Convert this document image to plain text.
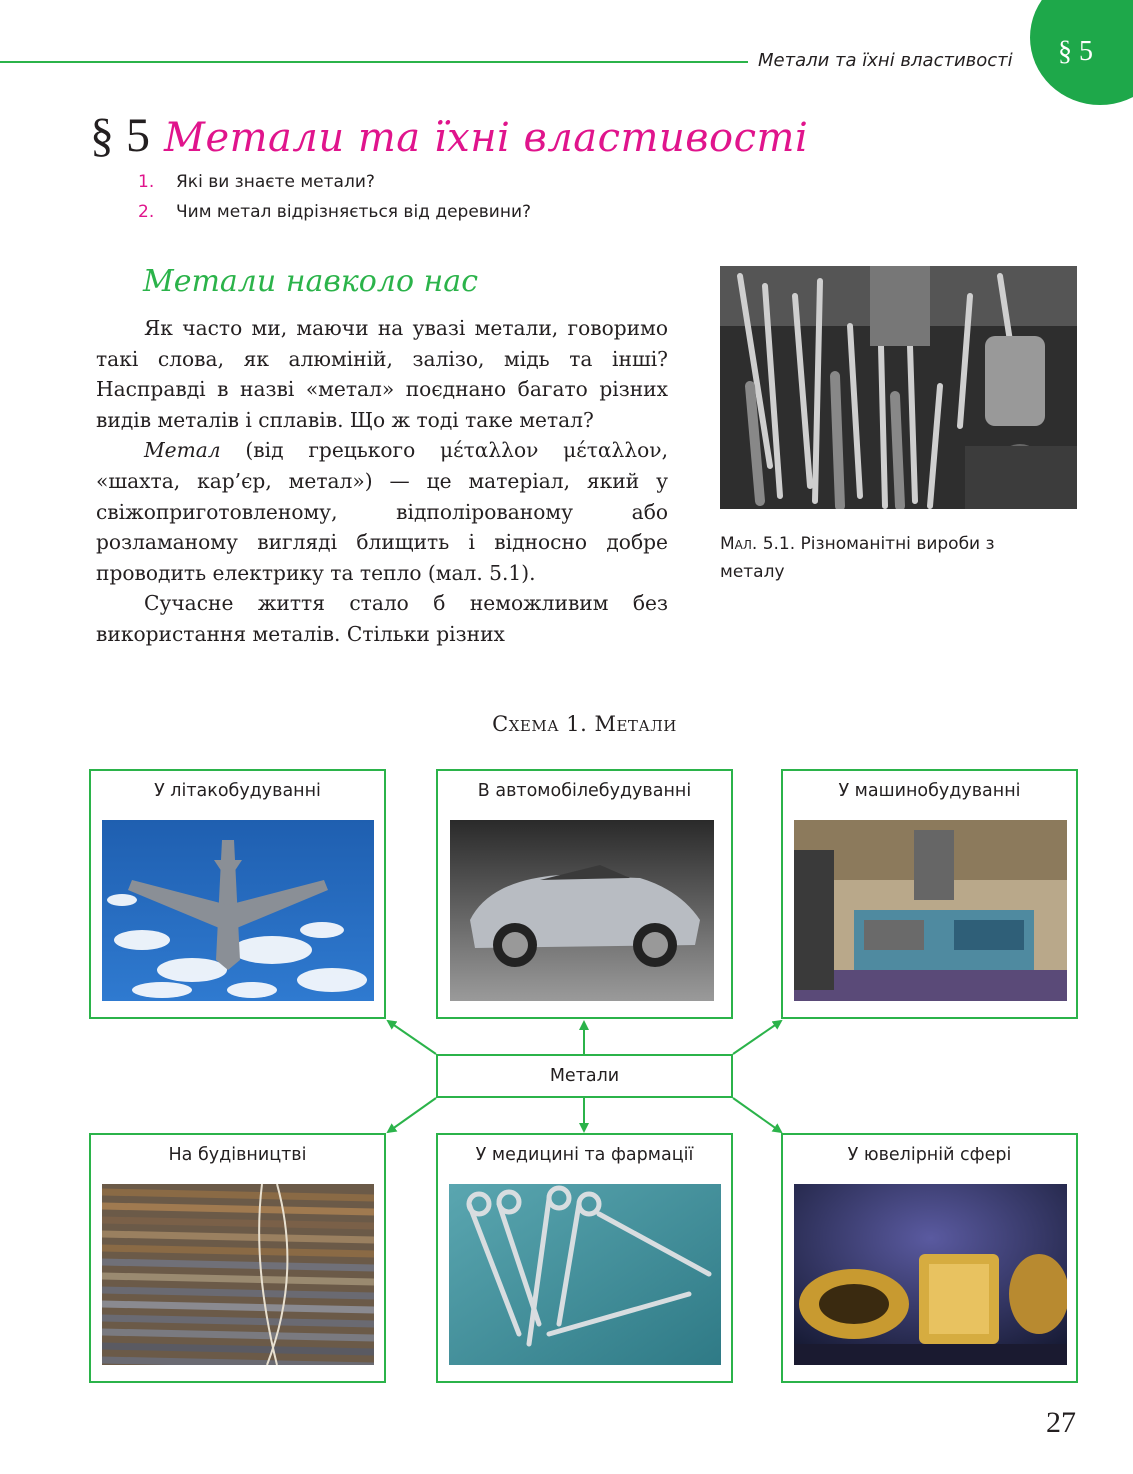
Метали та їхні властивості § 5
§ 5 Метали та їхні властивості
1.	Які ви знаєте метали?
2.	Чим метал відрізняється від деревини?
Метали навколо нас

Як часто ми, маючи на увазі метали, говоримо такі слова, як алюміній, залізо, мідь та інші? Насправді в назві «метал» поєднано багато різних видів металів і сплавів. Що ж тоді таке метал?

Метал (від грецького μέταλλον μέταλλον, «шахта, кар’єр, метал») — це матеріал, який у свіжоприготовленому, відполірованому або розламаному вигляді блищить і відносно добре проводить електрику та тепло (мал. 5.1).

Сучасне життя стало б неможливим без використання металів. Стільки різних

Мал. 5.1. Різноманітні вироби з металу
Схема 1. Метали
У літакобудуванні	В автомобілебудуванні	У машинобудуванні
Метали
На будівництві	У медицині та фармації	У ювелірній сфері
27
